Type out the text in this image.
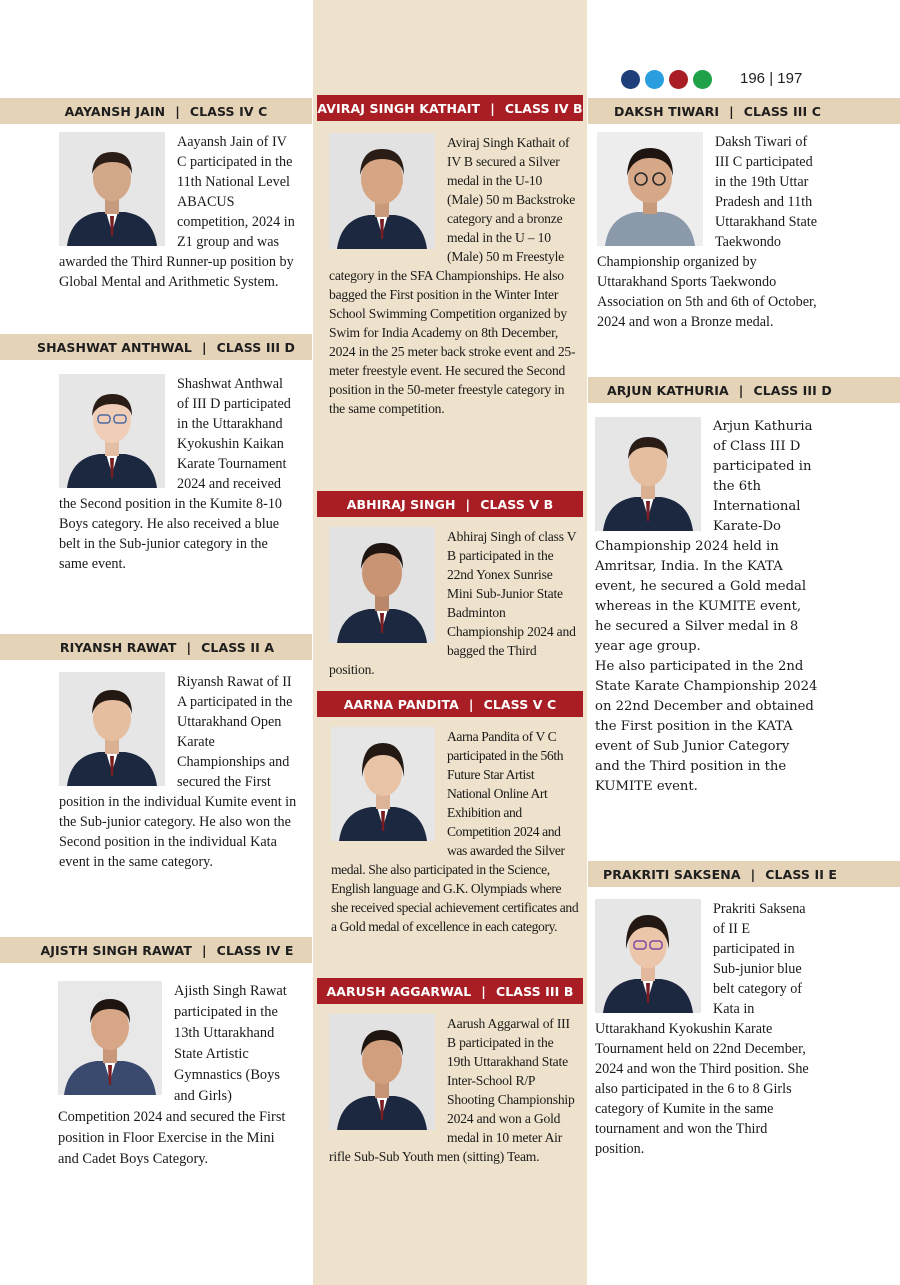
196 | 197
AAYANSH JAIN | CLASS IV C

Aayansh Jain of IV C participated in the 11th National Level ABACUS competition, 2024 in Z1 group and was awarded the Third Runner-up position by Global Mental and Arithmetic System.

SHASHWAT ANTHWAL | CLASS III D

Shashwat Anthwal of III D participated in the Uttarakhand Kyokushin Kaikan Karate Tournament 2024 and received the Second position in the Kumite 8-10 Boys category. He also received a blue belt in the Sub-junior category in the same event.

RIYANSH RAWAT | CLASS II A

Riyansh Rawat of II A participated in the Uttarakhand Open Karate Championships and secured the First position in the individual Kumite event in the Sub-junior category. He also won the Second position in the individual Kata event in the same category.

AJISTH SINGH RAWAT | CLASS IV E

Ajisth Singh Rawat participated in the 13th Uttarakhand State Artistic Gymnastics (Boys and Girls) Competition 2024 and secured the First position in Floor Exercise in the Mini and Cadet Boys Category.

AVIRAJ SINGH KATHAIT | CLASS IV B

Aviraj Singh Kathait of IV B secured a Silver medal in the U-10 (Male) 50 m Backstroke category and a bronze medal in the U – 10 (Male) 50 m Freestyle category in the SFA Championships. He also bagged the First position in the Winter Inter School Swimming Competition organized by Swim for India Academy on 8th December, 2024 in the 25 meter back stroke event and 25-meter freestyle event. He secured the Second position in the 50-meter freestyle category in the same competition.

ABHIRAJ SINGH | CLASS V B

Abhiraj Singh of class V B participated in the 22nd Yonex Sunrise Mini Sub-Junior State Badminton Championship 2024 and bagged the Third position.

AARNA PANDITA | CLASS V C

Aarna Pandita of V C participated in the 56th Future Star Artist National Online Art Exhibition and Competition 2024 and was awarded the Silver medal. She also participated in the Science, English language and G.K. Olympiads where she received special achievement certificates and a Gold medal of excellence in each category.

AARUSH AGGARWAL | CLASS III B

Aarush Aggarwal of III B participated in the 19th Uttarakhand State Inter-School R/P Shooting Championship 2024 and won a Gold medal in 10 meter Air rifle Sub-Sub Youth men (sitting) Team.

DAKSH TIWARI | CLASS III C

Daksh Tiwari of III C participated in the 19th Uttar Pradesh and 11th Uttarakhand State Taekwondo Championship organized by Uttarakhand Sports Taekwondo Association on 5th and 6th of October, 2024 and won a Bronze medal.

ARJUN KATHURIA | CLASS III D

Arjun Kathuria of Class III D participated in the 6th International Karate-Do Championship 2024 held in Amritsar, India. In the KATA event, he secured a Gold medal whereas in the KUMITE event, he secured a Silver medal in 8 year age group.

He also participated in the 2nd State Karate Championship 2024 on 22nd December and obtained the First position in the KATA event of Sub Junior Category and the Third position in the KUMITE event.

PRAKRITI SAKSENA | CLASS II E

Prakriti Saksena of II E participated in Sub-junior blue belt category of Kata in Uttarakhand Kyokushin Karate Tournament held on 22nd December, 2024 and won the Third position. She also participated in the 6 to 8 Girls category of Kumite in the same tournament and won the Third position.
